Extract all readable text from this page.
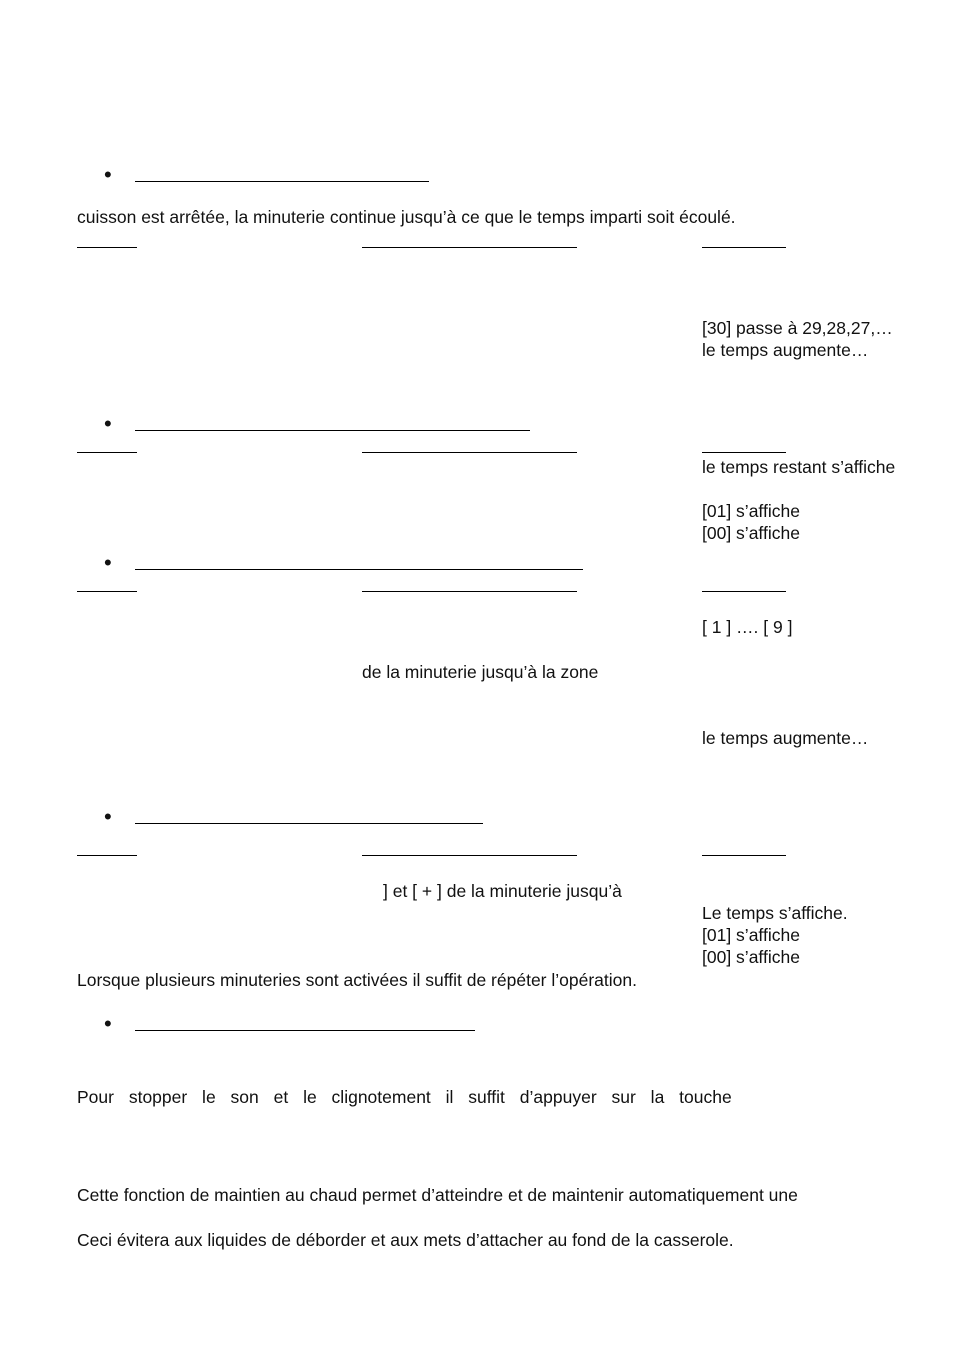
•
cuisson est arrêtée, la minuterie continue jusqu’à ce que le temps imparti soit écoulé.
[30] passe à 29,28,27,…
le temps augmente…
•
le temps restant s’affiche
[01] s’affiche
[00] s’affiche
•
[ 1 ] …. [ 9 ]
de la minuterie jusqu’à la zone
le temps augmente…
•
] et [ + ] de la minuterie jusqu’à
Le temps s’affiche.
[01] s’affiche
[00] s’affiche
Lorsque plusieurs minuteries sont activées il suffit de répéter l’opération.
•
Pour stopper le son et le clignotement il suffit d’appuyer sur la touche
Cette fonction de maintien au chaud permet d’atteindre et de maintenir automatiquement une
Ceci évitera aux liquides de déborder et aux mets d’attacher au fond de la casserole.
